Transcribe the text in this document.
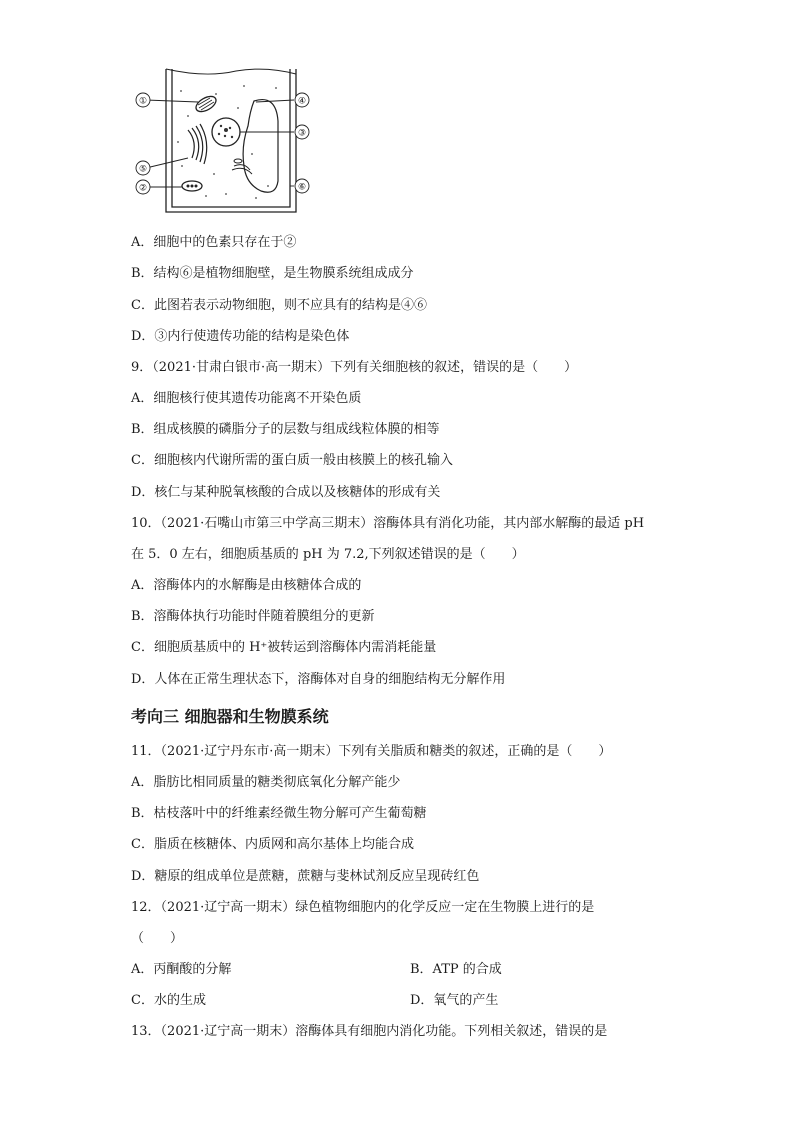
①
②
③
④
⑤
⑥
A．细胞中的色素只存在于②
B．结构⑥是植物细胞壁，是生物膜系统组成成分
C．此图若表示动物细胞，则不应具有的结构是④⑥
D．③内行使遗传功能的结构是染色体
9．（2021·甘肃白银市·高一期末）下列有关细胞核的叙述，错误的是（　　）
A．细胞核行使其遗传功能离不开染色质
B．组成核膜的磷脂分子的层数与组成线粒体膜的相等
C．细胞核内代谢所需的蛋白质一般由核膜上的核孔输入
D．核仁与某种脱氧核酸的合成以及核糖体的形成有关
10．（2021·石嘴山市第三中学高三期末）溶酶体具有消化功能，其内部水解酶的最适 pH
在 5．0 左右，细胞质基质的 pH 为 7.2,下列叙述错误的是（　　）
A．溶酶体内的水解酶是由核糖体合成的
B．溶酶体执行功能时伴随着膜组分的更新
C．细胞质基质中的 H⁺被转运到溶酶体内需消耗能量
D．人体在正常生理状态下，溶酶体对自身的细胞结构无分解作用
考向三 细胞器和生物膜系统
11．（2021·辽宁丹东市·高一期末）下列有关脂质和糖类的叙述，正确的是（　　）
A．脂肪比相同质量的糖类彻底氧化分解产能少
B．枯枝落叶中的纤维素经微生物分解可产生葡萄糖
C．脂质在核糖体、内质网和高尔基体上均能合成
D．糖原的组成单位是蔗糖，蔗糖与斐林试剂反应呈现砖红色
12．（2021·辽宁高一期末）绿色植物细胞内的化学反应一定在生物膜上进行的是
（　　）
A．丙酮酸的分解	B．ATP 的合成
C．水的生成	D．氧气的产生
13．（2021·辽宁高一期末）溶酶体具有细胞内消化功能。下列相关叙述，错误的是
